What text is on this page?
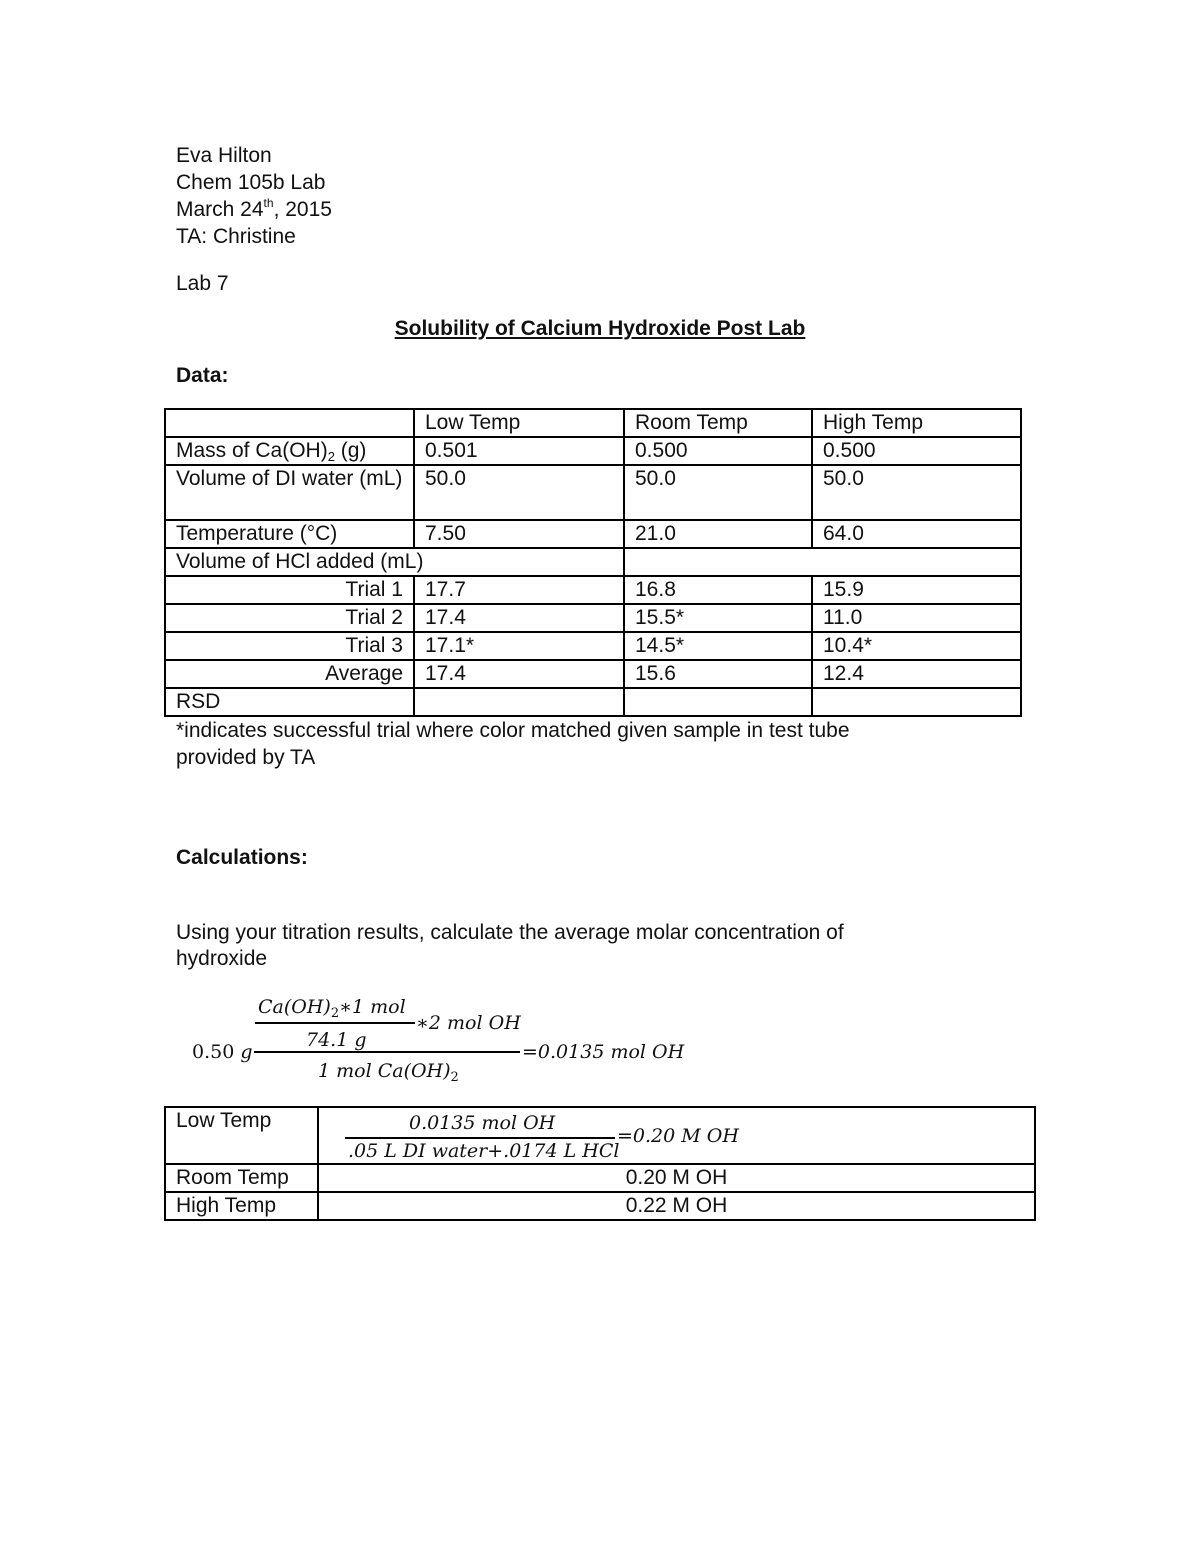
Eva Hilton
Chem 105b Lab
March 24th, 2015
TA: Christine
Lab 7
Solubility of Calcium Hydroxide Post Lab
Data:
	Low Temp	Room Temp	High Temp
Mass of $Ca(OH)_2$ (g)	0.501	0.500	0.500
Volume of DI water (mL)	50.0	50.0	50.0
Temperature (°C)	7.50	21.0	64.0
Volume of HCl added (mL)			
Trial 1	17.7	16.8	15.9
Trial 2	17.4	15.5*	11.0
Trial 3	17.1*	14.5*	10.4*
Average	17.4	15.6	12.4
RSD			
*indicates successful trial where color matched given sample in test tube
provided by TA
Calculations:
Using your titration results, calculate the average molar concentration of
hydroxide
$Ca(OH)_2∗1$ mol
∗2 mol OH
74.1 g
0.50 g	=0.0135 mol OH
1 mol $Ca(OH)_2$
Low Temp	0.0135 mol OH
.05 L DI water+.0174 L HCl
=0.20 M OH

Room Temp	0.20 M OH
High Temp	0.22 M OH
